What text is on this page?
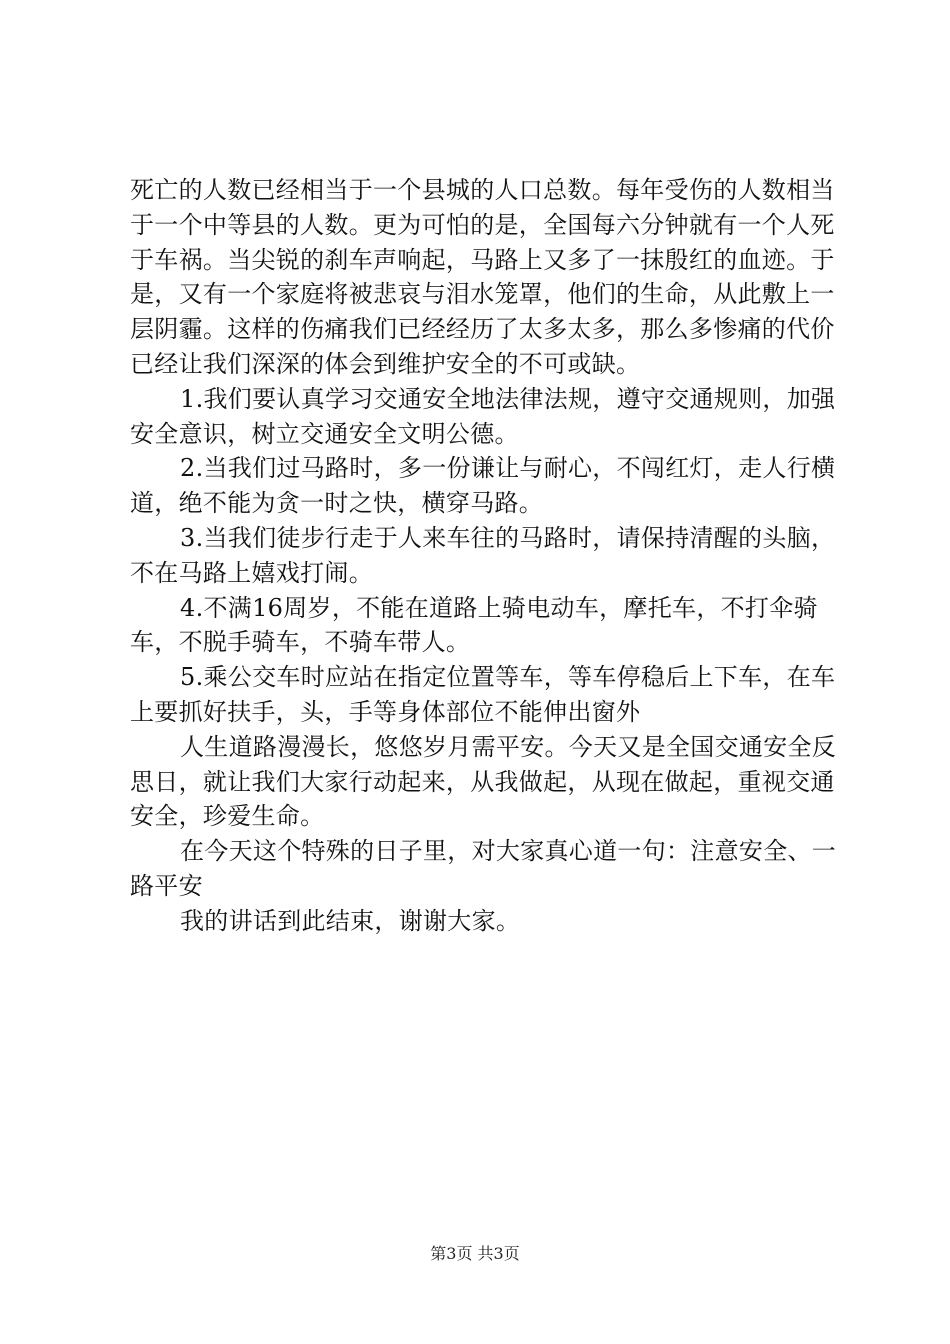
死亡的人数已经相当于一个县城的人口总数。每年受伤的人数相当于一个中等县的人数。更为可怕的是，全国每六分钟就有一个人死于车祸。当尖锐的刹车声响起，马路上又多了一抹殷红的血迹。于是，又有一个家庭将被悲哀与泪水笼罩，他们的生命，从此敷上一层阴霾。这样的伤痛我们已经经历了太多太多，那么多惨痛的代价已经让我们深深的体会到维护安全的不可或缺。

1.我们要认真学习交通安全地法律法规，遵守交通规则，加强安全意识，树立交通安全文明公德。

2.当我们过马路时，多一份谦让与耐心，不闯红灯，走人行横道，绝不能为贪一时之快，横穿马路。

3.当我们徒步行走于人来车往的马路时，请保持清醒的头脑，不在马路上嬉戏打闹。

4.不满16周岁，不能在道路上骑电动车，摩托车，不打伞骑车，不脱手骑车，不骑车带人。

5.乘公交车时应站在指定位置等车，等车停稳后上下车，在车上要抓好扶手，头，手等身体部位不能伸出窗外

人生道路漫漫长，悠悠岁月需平安。今天又是全国交通安全反思日，就让我们大家行动起来，从我做起，从现在做起，重视交通安全，珍爱生命。

在今天这个特殊的日子里，对大家真心道一句：注意安全、一路平安

我的讲话到此结束，谢谢大家。

第3页 共3页
